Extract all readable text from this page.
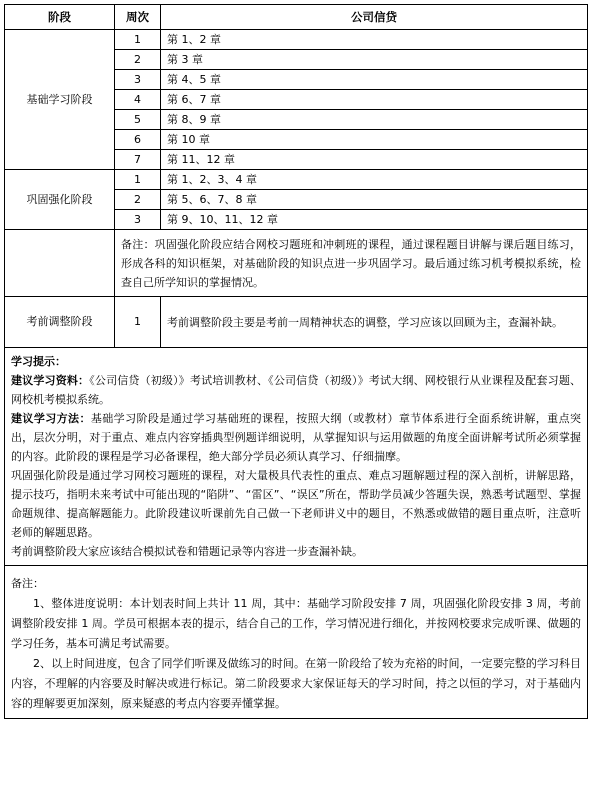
阶段	周次	公司信贷
基础学习阶段	1	第 1、2 章
	2	第 3 章
	3	第 4、5 章
	4	第 6、7 章
	5	第 8、9 章
	6	第 10 章
	7	第 11、12 章
巩固强化阶段	1	第 1、2、3、4 章
	2	第 5、6、7、8 章
	3	第 9、10、11、12 章
	备注：巩固强化阶段应结合网校习题班和冲刺班的课程，通过课程题目讲解与课后题目练习，形成各科的知识框架，对基础阶段的知识点进一步巩固学习。最后通过练习机考模拟系统，检查自己所学知识的掌握情况。	
考前调整阶段	1	考前调整阶段主要是考前一周精神状态的调整，学习应该以回顾为主，查漏补缺。

学习提示：

建议学习资料：《公司信贷（初级）》考试培训教材、《公司信贷（初级）》考试大纲、网校银行从业课程及配套习题、网校机考模拟系统。

建议学习方法：基础学习阶段是通过学习基础班的课程，按照大纲（或教材）章节体系进行全面系统讲解，重点突出，层次分明，对于重点、难点内容穿插典型例题详细说明，从掌握知识与运用做题的角度全面讲解考试所必须掌握的内容。此阶段的课程是学习必备课程，绝大部分学员必须认真学习、仔细揣摩。

巩固强化阶段是通过学习网校习题班的课程，对大量极具代表性的重点、难点习题解题过程的深入剖析，讲解思路，提示技巧，指明未来考试中可能出现的“陷阱”、“雷区”、“误区”所在，帮助学员减少答题失误，熟悉考试题型、掌握命题规律、提高解题能力。此阶段建议听课前先自己做一下老师讲义中的题目，不熟悉或做错的题目重点听，注意听老师的解题思路。

考前调整阶段大家应该结合模拟试卷和错题记录等内容进一步查漏补缺。		

备注：

1、整体进度说明：本计划表时间上共计 11 周，其中：基础学习阶段安排 7 周，巩固强化阶段安排 3 周，考前调整阶段安排 1 周。学员可根据本表的提示，结合自己的工作，学习情况进行细化，并按网校要求完成听课、做题的学习任务，基本可满足考试需要。

2、以上时间进度，包含了同学们听课及做练习的时间。在第一阶段给了较为充裕的时间，一定要完整的学习科目内容，不理解的内容要及时解决或进行标记。第二阶段要求大家保证每天的学习时间，持之以恒的学习，对于基础内容的理解要更加深刻，原来疑惑的考点内容要弄懂掌握。		
